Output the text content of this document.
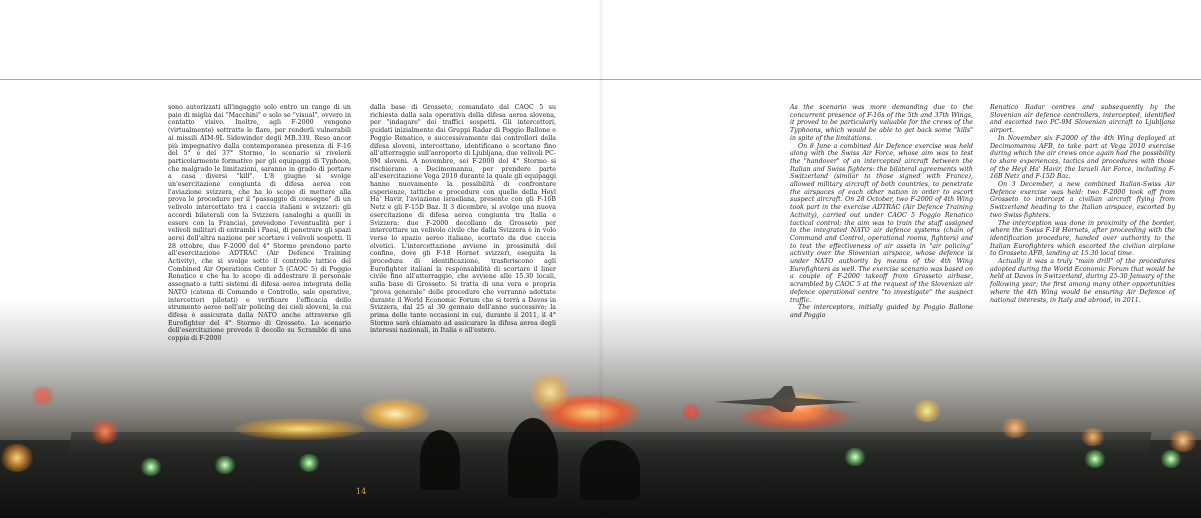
sono autorizzati all'ingaggio solo entro un range di un paio di miglia dai "Macchini" e solo se "visual", ovvero in contatto visivo. Inoltre, agli F-2000 vengono (virtualmente) sottratte le flare, per renderli vulnerabili ai missili AIM-9L Sidewinder degli MB.339. Reso ancor più impegnativo dalla contemporanea presenza di F-16 del 5° e del 37° Stormo, lo scenario si rivelerà particolarmente formativo per gli equipaggi di Typhoon, che malgrado le limitazioni, saranno in grado di portare a casa diversi "kill". L'8 giugno si svolge un'esercitazione congiunta di difesa aerea con l'aviazione svizzera, che ha lo scopo di mettere alla prova le procedure per il "passaggio di consegne" di un velivolo intercettato tra i caccia italiani e svizzeri: gli accordi bilaterali con la Svizzera (analoghi a quelli in essere con la Francia), prevedono l'eventualità per i velivoli militari di entrambi i Paesi, di penetrare gli spazi aerei dell'altra nazione per scortare i velivoli sospetti. Il 28 ottobre, due F-2000 del 4° Stormo prendono parte all'esercitazione ADTRAC (Air Defence Training Activity), che si svolge sotto il controllo tattico del Combined Air Operations Center 5 (CAOC 5) di Poggio Renatico e che ha lo scopo di addestrare il personale assegnato a tutti sistemi di difesa aerea integrata della NATO (catena di Comando e Controllo, sale operative, intercettori pilotati) e verificare l'efficacia dello strumento aereo nell'air policing dei cieli sloveni, la cui difesa è assicurata dalla NATO anche attraverso gli Eurofighter del 4° Stormo di Grosseto. Lo scenario dell'esercitazione prevede il decollo su Scramble di una coppia di F-2000

dalla base di Grosseto, comandato dal CAOC 5 su richiesta dalla sala operativa della difesa aerea slovena, per "indagare" dei traffici sospetti. Gli intercettori, guidati inizialmente dai Gruppi Radar di Poggio Ballone e Poggio Renatico, e successivamente dai controllori della difesa sloveni, intercettano, identificano e scortano fino all'atterraggio sull'aeroporto di Ljubljana, due velivoli PC-9M sloveni. A novembre, sei F-2000 del 4° Stormo si rischierano a Decimomannu, per prendere parte all'esercitazione Vega 2010 durante la quale gli equipaggi hanno nuovamente la possibilità di confrontare esperienze, tattiche e procedure con quelle della Heyl Ha' Havir, l'aviazione israeliana, presente con gli F-16B Netz e gli F-15D Baz. Il 3 dicembre, si svolge una nuova esercitazione di difesa aerea congiunta tra Italia e Svizzera: due F-2000 decollano da Grosseto per intercettare un velivolo civile che dalla Svizzera è in volo verso lo spazio aereo italiano, scortato da due caccia elvetici. L'intercettazione avviene in prossimità del confine, dove gli F-18 Hornet svizzeri, eseguita la procedura di identificazione, trasferiscono agli Eurofighter italiani la responsabilità di scortare il liner civile fino all'atterraggio, che avviene alle 15.30 locali, sulla base di Grosseto. Si tratta di una vera e propria "prova generale" delle procedure che verranno adottate durante il World Economic Forum che si terrà a Davos in Svizzera, dal 25 al 30 gennaio dell'anno successivo; la prima delle tante occasioni in cui, durante il 2011, il 4° Stormo sarà chiamato ad assicurare la difesa aerea degli interessi nazionali, in Italia e all'estero.

As the scenario was more demanding due to the concurrent presence of F-16s of the 5th and 37th Wings, it proved to be particularly valuable for the crews of the Typhoons, which would be able to get back some "kills" in spite of the limitations.

On 8 June a combined Air Defence exercise was held along with the Swiss Air Force, whose aim was to test the "handover" of an intercepted aircraft between the Italian and Swiss fighters: the bilateral agreements with Switzerland (similar to those signed with France), allowed military aircraft of both countries, to penetrate the airspaces of each other nation in order to escort suspect aircraft. On 28 October, two F-2000 of 4th Wing took part in the exercise ADTRAC (Air Defence Training Activity), carried out under CAOC 5 Poggio Renatico tactical control; the aim was to train the staff assigned to the integrated NATO air defence systems (chain of Command and Control, operational rooms, fighters) and to test the effectiveness of air assets in "air policing" activity over the Slovenian airspace, whose defence is under NATO authority by means of the 4th Wing Eurofighters as well. The exercise scenario was based on a couple of F-2000 takeoff from Grosseto airbase, scrambled by CAOC 5 at the request of the Slovenian air defence operational centre "to investigate" the suspect traffic.

The interceptors, initially guided by Poggio Ballone and Poggio

Renatico Radar centres and subsequently by the Slovenian air defence controllers, intercepted, identified and escorted two PC-9M Slovenian aircraft to Ljubljana airport.

In November six F-2000 of the 4th Wing deployed at Decimomannu AFB, to take part at Vega 2010 exercise during which the air crews once again had the possibility to share experiences, tactics and procedures with those of the Heyl Ha' Havir, the Israeli Air Force, including F-16B Netz and F-15D Baz.

On 3 December, a new combined Italian-Swiss Air Defence exercise was held: two F-2000 took off from Grosseto to intercept a civilian aircraft flying from Switzerland heading to the Italian airspace, escorted by two Swiss fighters.

The interception was done in proximity of the border, where the Swiss F-18 Hornets, after proceeding with the identification procedure, handed over authority to the Italian Eurofighters which escorted the civilian airplane to Grosseto AFB, landing at 15.30 local time.

Actually it was a truly "main drill" of the procedures adopted during the World Economic Forum that would be held at Davos in Switzerland, during 25-30 January of the following year; the first among many other opportunities where the 4th Wing would be ensuring Air Defence of national interests, in Italy and abroad, in 2011.

14
